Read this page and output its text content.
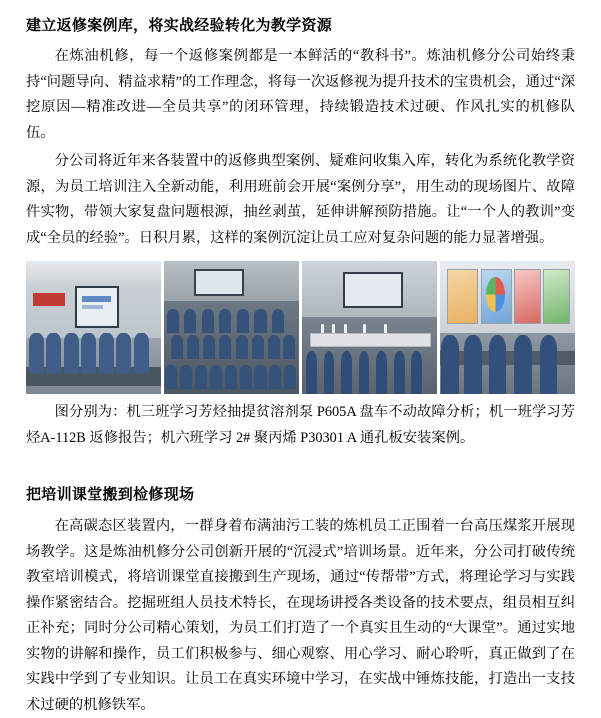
建立返修案例库，将实战经验转化为教学资源

在炼油机修，每一个返修案例都是一本鲜活的“教科书”。炼油机修分公司始终秉持“问题导向、精益求精”的工作理念，将每一次返修视为提升技术的宝贵机会，通过“深挖原因—精准改进—全员共享”的闭环管理，持续锻造技术过硬、作风扎实的机修队伍。

分公司将近年来各装置中的返修典型案例、疑难问收集入库，转化为系统化教学资源，为员工培训注入全新动能，利用班前会开展“案例分享”，用生动的现场图片、故障件实物，带领大家复盘问题根源，抽丝剥茧，延伸讲解预防措施。让“一个人的教训”变成“全员的经验”。日积月累，这样的案例沉淀让员工应对复杂问题的能力显著增强。

图分别为：机三班学习芳烃抽提贫溶剂泵 P605A 盘车不动故障分析；机一班学习芳烃A-112B 返修报告；机六班学习 2# 聚丙烯 P30301 A 通孔板安装案例。

把培训课堂搬到检修现场

在高碳态区装置内，一群身着布满油污工装的炼机员工正围着一台高压煤浆开展现场教学。这是炼油机修分公司创新开展的“沉浸式”培训场景。近年来，分公司打破传统教室培训模式，将培训课堂直接搬到生产现场，通过“传帮带”方式，将理论学习与实践操作紧密结合。挖掘班组人员技术特长，在现场讲授各类设备的技术要点，组员相互纠正补充；同时分公司精心策划，为员工们打造了一个真实且生动的“大课堂”。通过实地实物的讲解和操作，员工们积极参与、细心观察、用心学习、耐心聆听，真正做到了在实践中学到了专业知识。让员工在真实环境中学习，在实战中锤炼技能，打造出一支技术过硬的机修铁军。
